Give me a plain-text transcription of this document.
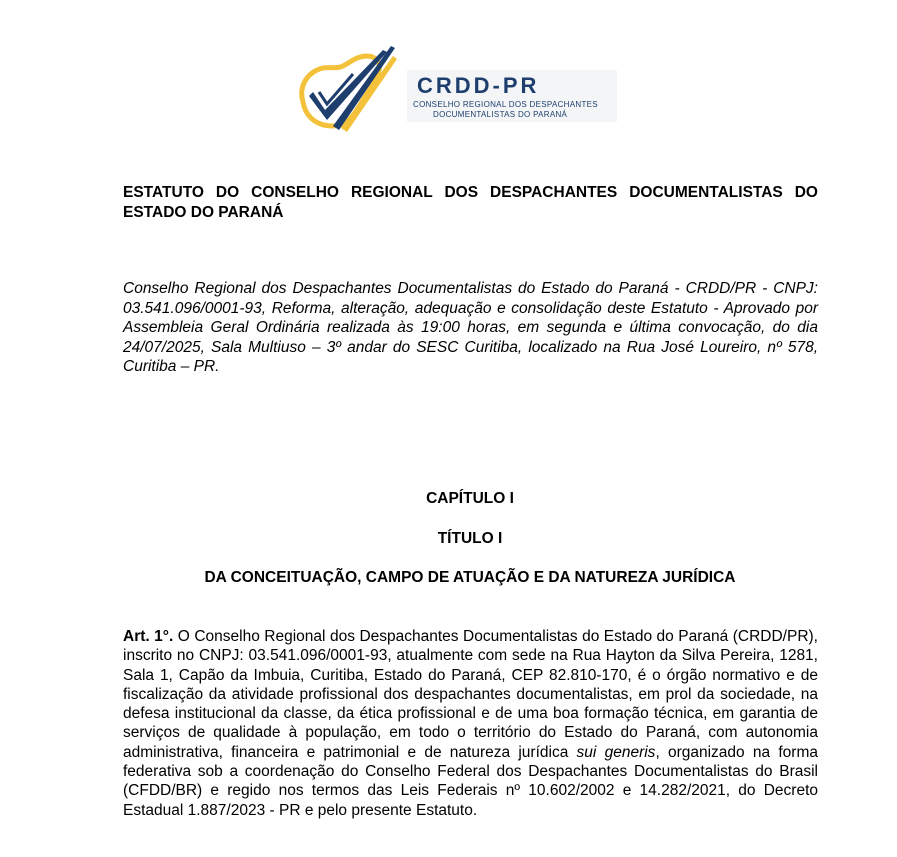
CRDD-PR
CONSELHO REGIONAL DOS DESPACHANTES
DOCUMENTALISTAS DO PARANÁ
ESTATUTO DO CONSELHO REGIONAL DOS DESPACHANTES DOCUMENTALISTAS DO ESTADO DO PARANÁ
Conselho Regional dos Despachantes Documentalistas do Estado do Paraná - CRDD/PR - CNPJ: 03.541.096/0001-93, Reforma, alteração, adequação e consolidação deste Estatuto - Aprovado por Assembleia Geral Ordinária realizada às 19:00 horas, em segunda e última convocação, do dia 24/07/2025, Sala Multiuso – 3º andar do SESC Curitiba, localizado na Rua José Loureiro, nº 578, Curitiba – PR.
CAPÍTULO I
TÍTULO I
DA CONCEITUAÇÃO, CAMPO DE ATUAÇÃO E DA NATUREZA JURÍDICA
Art. 1°. O Conselho Regional dos Despachantes Documentalistas do Estado do Paraná (CRDD/PR), inscrito no CNPJ: 03.541.096/0001-93, atualmente com sede na Rua Hayton da Silva Pereira, 1281, Sala 1, Capão da Imbuia, Curitiba, Estado do Paraná, CEP 82.810-170, é o órgão normativo e de fiscalização da atividade profissional dos despachantes documentalistas, em prol da sociedade, na defesa institucional da classe, da ética profissional e de uma boa formação técnica, em garantia de serviços de qualidade à população, em todo o território do Estado do Paraná, com autonomia administrativa, financeira e patrimonial e de natureza jurídica sui generis, organizado na forma federativa sob a coordenação do Conselho Federal dos Despachantes Documentalistas do Brasil (CFDD/BR) e regido nos termos das Leis Federais nº 10.602/2002 e 14.282/2021, do Decreto Estadual 1.887/2023 - PR e pelo presente Estatuto.
